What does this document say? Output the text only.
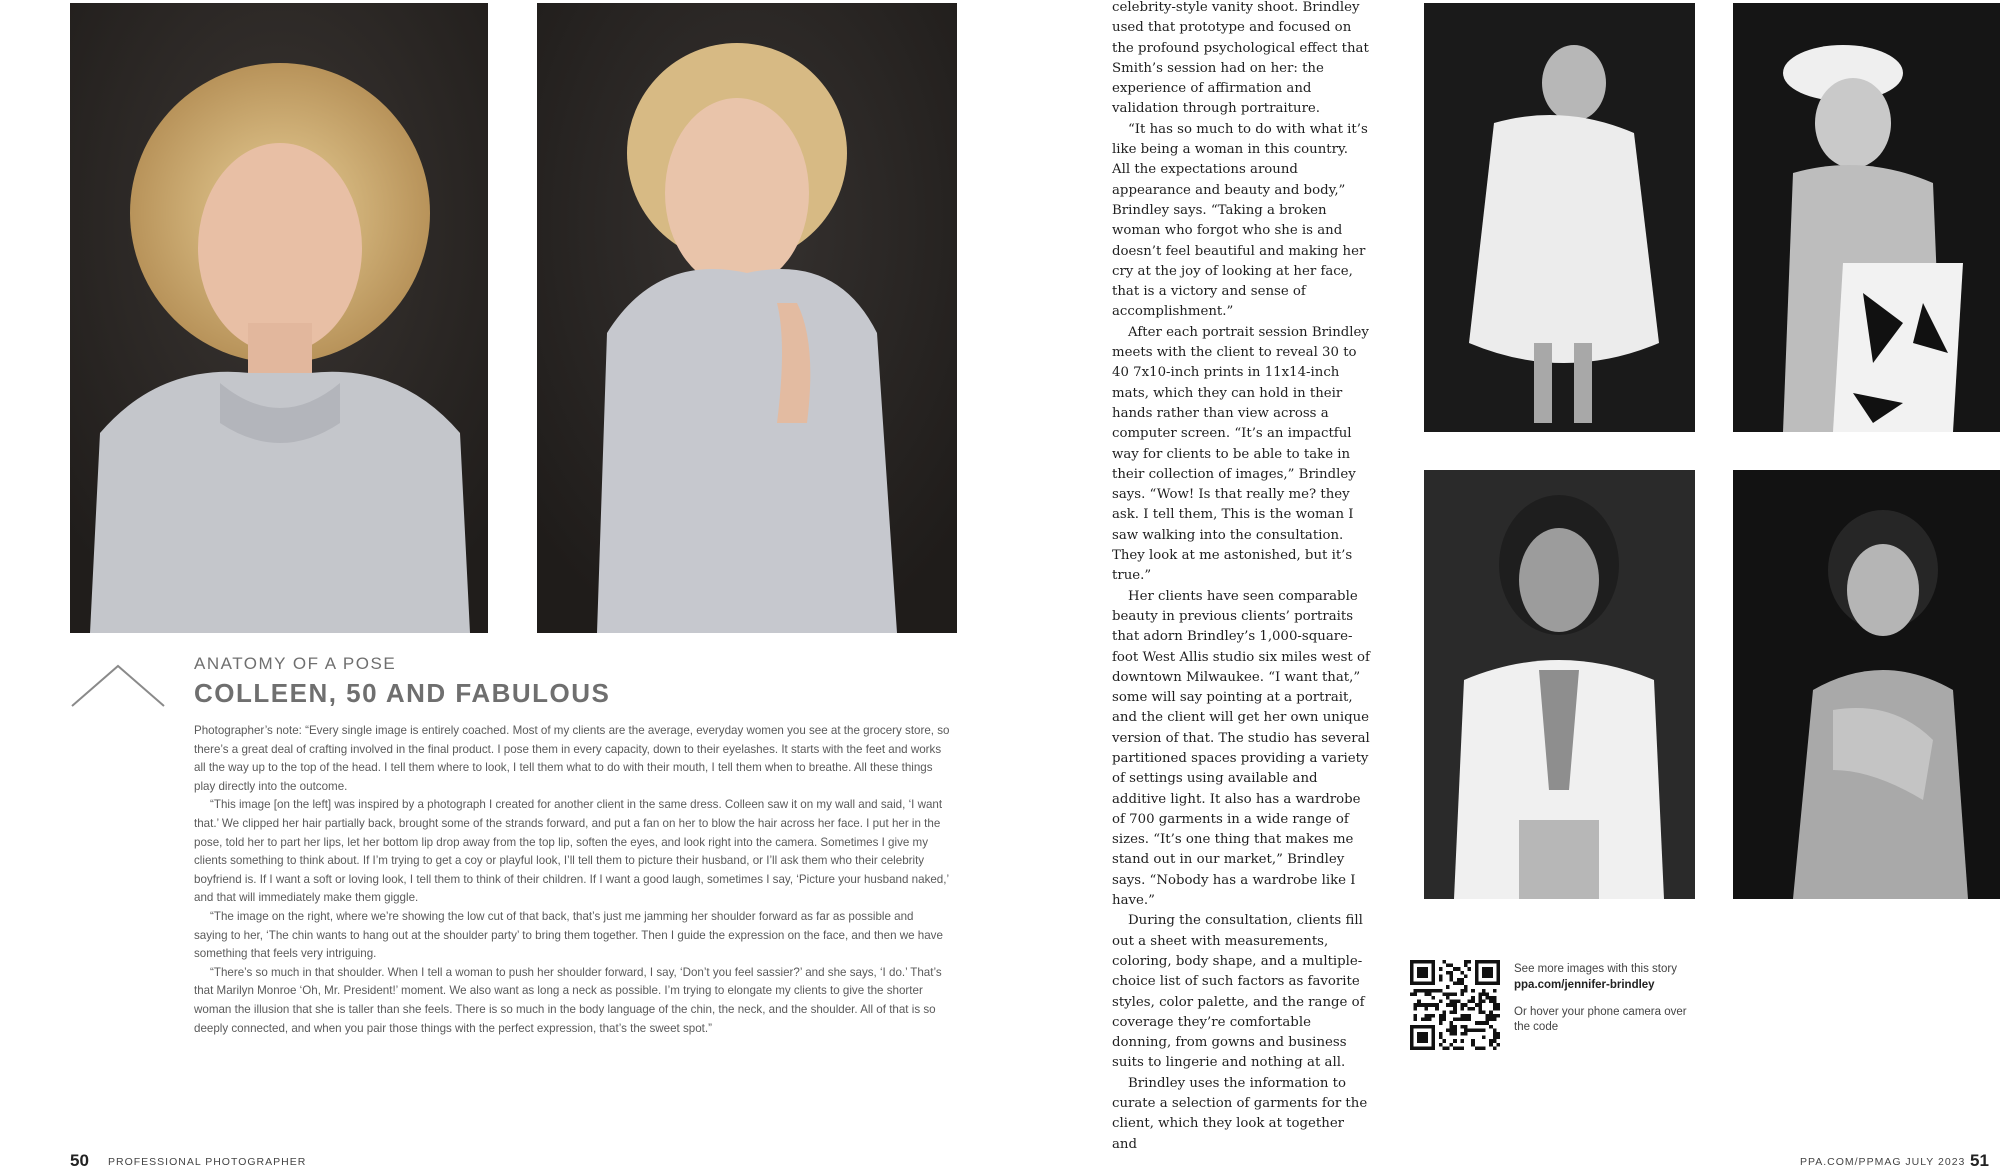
ANATOMY OF A POSE
COLLEEN, 50 AND FABULOUS

Photographer’s note: “Every single image is entirely coached. Most of my clients are the average, everyday women you see at the grocery store, so there’s a great deal of crafting involved in the final product. I pose them in every capacity, down to their eyelashes. It starts with the feet and works all the way up to the top of the head. I tell them where to look, I tell them what to do with their mouth, I tell them when to breathe. All these things play directly into the outcome.

“This image [on the left] was inspired by a photograph I created for another client in the same dress. Colleen saw it on my wall and said, ‘I want that.’ We clipped her hair partially back, brought some of the strands forward, and put a fan on her to blow the hair across her face. I put her in the pose, told her to part her lips, let her bottom lip drop away from the top lip, soften the eyes, and look right into the camera. Sometimes I give my clients something to think about. If I’m trying to get a coy or playful look, I’ll tell them to picture their husband, or I’ll ask them who their celebrity boyfriend is. If I want a soft or loving look, I tell them to think of their children. If I want a good laugh, sometimes I say, ‘Picture your husband naked,’ and that will immediately make them giggle.

“The image on the right, where we’re showing the low cut of that back, that’s just me jamming her shoulder forward as far as possible and saying to her, ‘The chin wants to hang out at the shoulder party’ to bring them together. Then I guide the expression on the face, and then we have something that feels very intriguing.

“There’s so much in that shoulder. When I tell a woman to push her shoulder forward, I say, ‘Don’t you feel sassier?’ and she says, ‘I do.’ That’s that Marilyn Monroe ‘Oh, Mr. President!’ moment. We also want as long a neck as possible. I’m trying to elongate my clients to give the shorter woman the illusion that she is taller than she feels. There is so much in the body language of the chin, the neck, and the shoulder. All of that is so deeply connected, and when you pair those things with the perfect expression, that’s the sweet spot.”

celebrity-style vanity shoot. Brindley used that prototype and focused on the profound psychological effect that Smith’s session had on her: the experience of affirmation and validation through portraiture.

“It has so much to do with what it’s like being a woman in this country. All the expectations around appearance and beauty and body,” Brindley says. “Taking a broken woman who forgot who she is and doesn’t feel beautiful and making her cry at the joy of looking at her face, that is a victory and sense of accomplishment.”

After each portrait session Brindley meets with the client to reveal 30 to 40 7x10-inch prints in 11x14-inch mats, which they can hold in their hands rather than view across a computer screen. “It’s an impactful way for clients to be able to take in their collection of images,” Brindley says. “Wow! Is that really me? they ask. I tell them, This is the woman I saw walking into the consultation. They look at me astonished, but it’s true.”

Her clients have seen comparable beauty in previous clients’ portraits that adorn Brindley’s 1,000-square-foot West Allis studio six miles west of downtown Milwaukee. “I want that,” some will say pointing at a portrait, and the client will get her own unique version of that. The studio has several partitioned spaces providing a variety of settings using available and additive light. It also has a wardrobe of 700 garments in a wide range of sizes. “It’s one thing that makes me stand out in our market,” Brindley says. “Nobody has a wardrobe like I have.”

During the consultation, clients fill out a sheet with measurements, coloring, body shape, and a multiple-choice list of such factors as favorite styles, color palette, and the range of coverage they’re comfortable donning, from gowns and business suits to lingerie and nothing at all.

Brindley uses the information to curate a selection of garments for the client, which they look at together and

See more images with this story
ppa.com/jennifer-brindley
Or hover your phone camera over the code
50 PROFESSIONAL PHOTOGRAPHER	PPA.COM/PPMAG JULY 2023 51
